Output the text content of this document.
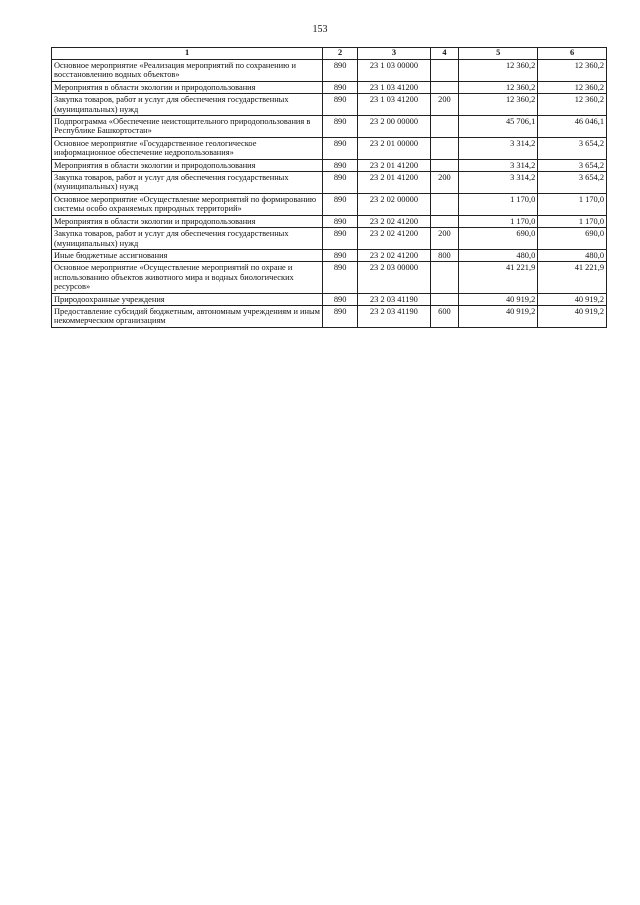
153
1	2	3	4	5	6
Основное мероприятие «Реализация мероприятий по сохранению и восстановлению водных объектов»	890	23 1 03 00000		12 360,2	12 360,2
Мероприятия в области экологии и природопользования	890	23 1 03 41200		12 360,2	12 360,2
Закупка товаров, работ и услуг для обеспечения государственных (муниципальных) нужд	890	23 1 03 41200	200	12 360,2	12 360,2
Подпрограмма «Обеспечение неистощительного природопользования в Республике Башкортостан»	890	23 2 00 00000		45 706,1	46 046,1
Основное мероприятие «Государственное геологическое информационное обеспечение недропользования»	890	23 2 01 00000		3 314,2	3 654,2
Мероприятия в области экологии и природопользования	890	23 2 01 41200		3 314,2	3 654,2
Закупка товаров, работ и услуг для обеспечения государственных (муниципальных) нужд	890	23 2 01 41200	200	3 314,2	3 654,2
Основное мероприятие «Осуществление мероприятий по формированию системы особо охраняемых природных территорий»	890	23 2 02 00000		1 170,0	1 170,0
Мероприятия в области экологии и природопользования	890	23 2 02 41200		1 170,0	1 170,0
Закупка товаров, работ и услуг для обеспечения государственных (муниципальных) нужд	890	23 2 02 41200	200	690,0	690,0
Иные бюджетные ассигнования	890	23 2 02 41200	800	480,0	480,0
Основное мероприятие «Осуществление мероприятий по охране и использованию объектов животного мира и водных биологических ресурсов»	890	23 2 03 00000		41 221,9	41 221,9
Природоохранные учреждения	890	23 2 03 41190		40 919,2	40 919,2
Предоставление субсидий бюджетным, автономным учреждениям и иным некоммерческим организациям	890	23 2 03 41190	600	40 919,2	40 919,2
